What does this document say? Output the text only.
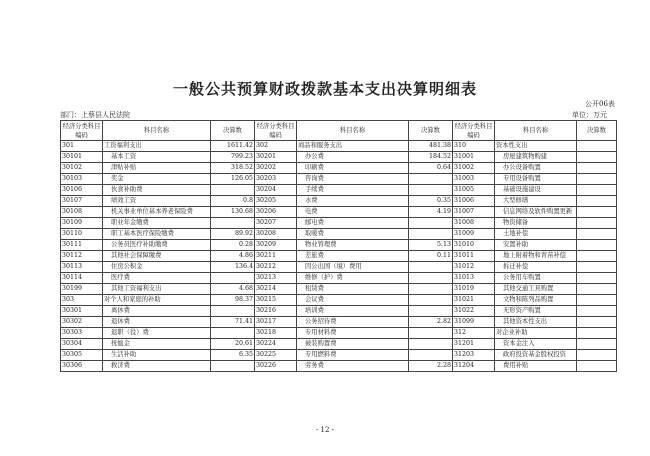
一般公共预算财政拨款基本支出决算明细表
公开06表
部门：上蔡县人民法院	单位：万元
经济分类科目编码	科目名称	决算数	经济分类科目编码	科目名称	决算数	经济分类科目编码	科目名称	决算数
301	工资福利支出	1611.42	302	商品和服务支出	481.38	310	资本性支出	
30101	基本工资	799.23	30201	办公费	184.52	31001	房屋建筑物购建	
30102	津贴补贴	318.52	30202	印刷费	0.64	31002	办公设备购置	
30103	奖金	126.05	30203	咨询费		31003	专用设备购置	
30106	伙食补助费		30204	手续费		31005	基础设施建设	
30107	绩效工资	0.8	30205	水费	0.35	31006	大型修缮	
30108	机关事业单位基本养老保险费	130.68	30206	电费	4.19	31007	信息网络及软件购置更新	
30109	职业年金缴费		30207	邮电费		31008	物资储备	
30110	职工基本医疗保险缴费	89.92	30208	取暖费		31009	土地补偿	
30111	公务员医疗补助缴费	0.28	30209	物业管理费	5.13	31010	安置补助	
30112	其他社会保障缴费	4.86	30211	差旅费	0.11	31011	地上附着物和青苗补偿	
30113	住房公积金	136.4	30212	因公出国（境）费用		31012	拆迁补偿	
30114	医疗费		30213	维修（护）费		31013	公务用车购置	
30199	其他工资福利支出	4.68	30214	租赁费		31019	其他交通工具购置	
303	对个人和家庭的补助	98.37	30215	会议费		31021	文物和陈列品购置	
30301	离休费		30216	培训费		31022	无形资产购置	
30302	退休费	71.41	30217	公务招待费	2.82	31099	其他资本性支出	
30303	退职（役）费		30218	专用材料费		312	对企业补助	
30304	抚恤金	20.61	30224	被装购置费		31201	资本金注入	
30305	生活补助	6.35	30225	专用燃料费		31203	政府投资基金股权投资	
30306	救济费		30226	劳务费	2.28	31204	费用补贴	
- 12 -
